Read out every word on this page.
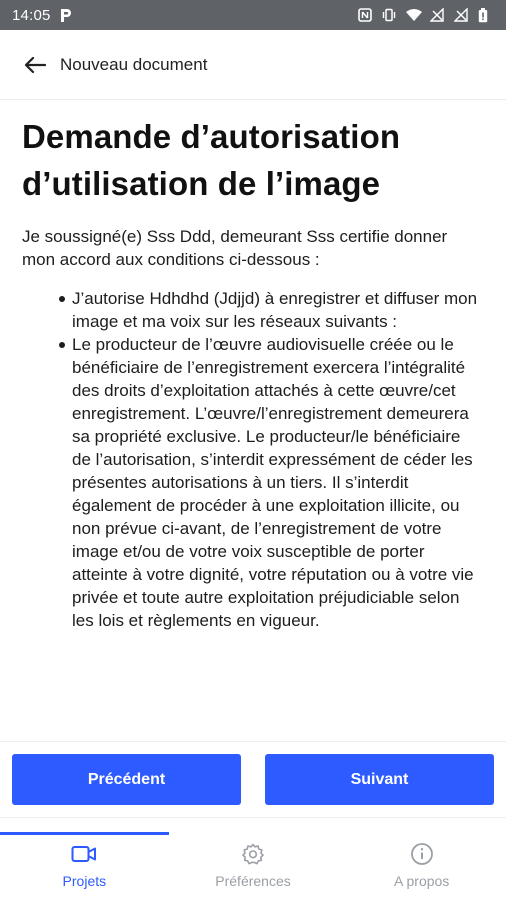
14:05
Nouveau document
Demande d’autorisation d’utilisation de l’image

Je soussigné(e) Sss Ddd, demeurant Sss certifie donner mon accord aux conditions ci-dessous :

J’autorise Hdhdhd (Jdjjd) à enregistrer et diffuser mon image et ma voix sur les réseaux suivants :
Le producteur de l’œuvre audiovisuelle créée ou le bénéficiaire de l’enregistrement exercera l’intégralité des droits d’exploitation attachés à cette œuvre/cet enregistrement. L’œuvre/l’enregistrement demeurera sa propriété exclusive. Le producteur/le bénéficiaire de l’autorisation, s’interdit expressément de céder les présentes autorisations à un tiers. Il s’interdit également de procéder à une exploitation illicite, ou non prévue ci-avant, de l’enregistrement de votre image et/ou de votre voix susceptible de porter atteinte à votre dignité, votre réputation ou à votre vie privée et toute autre exploitation préjudiciable selon les lois et règlements en vigueur.
Précédent	Suivant
Projets	Préférences	A propos
